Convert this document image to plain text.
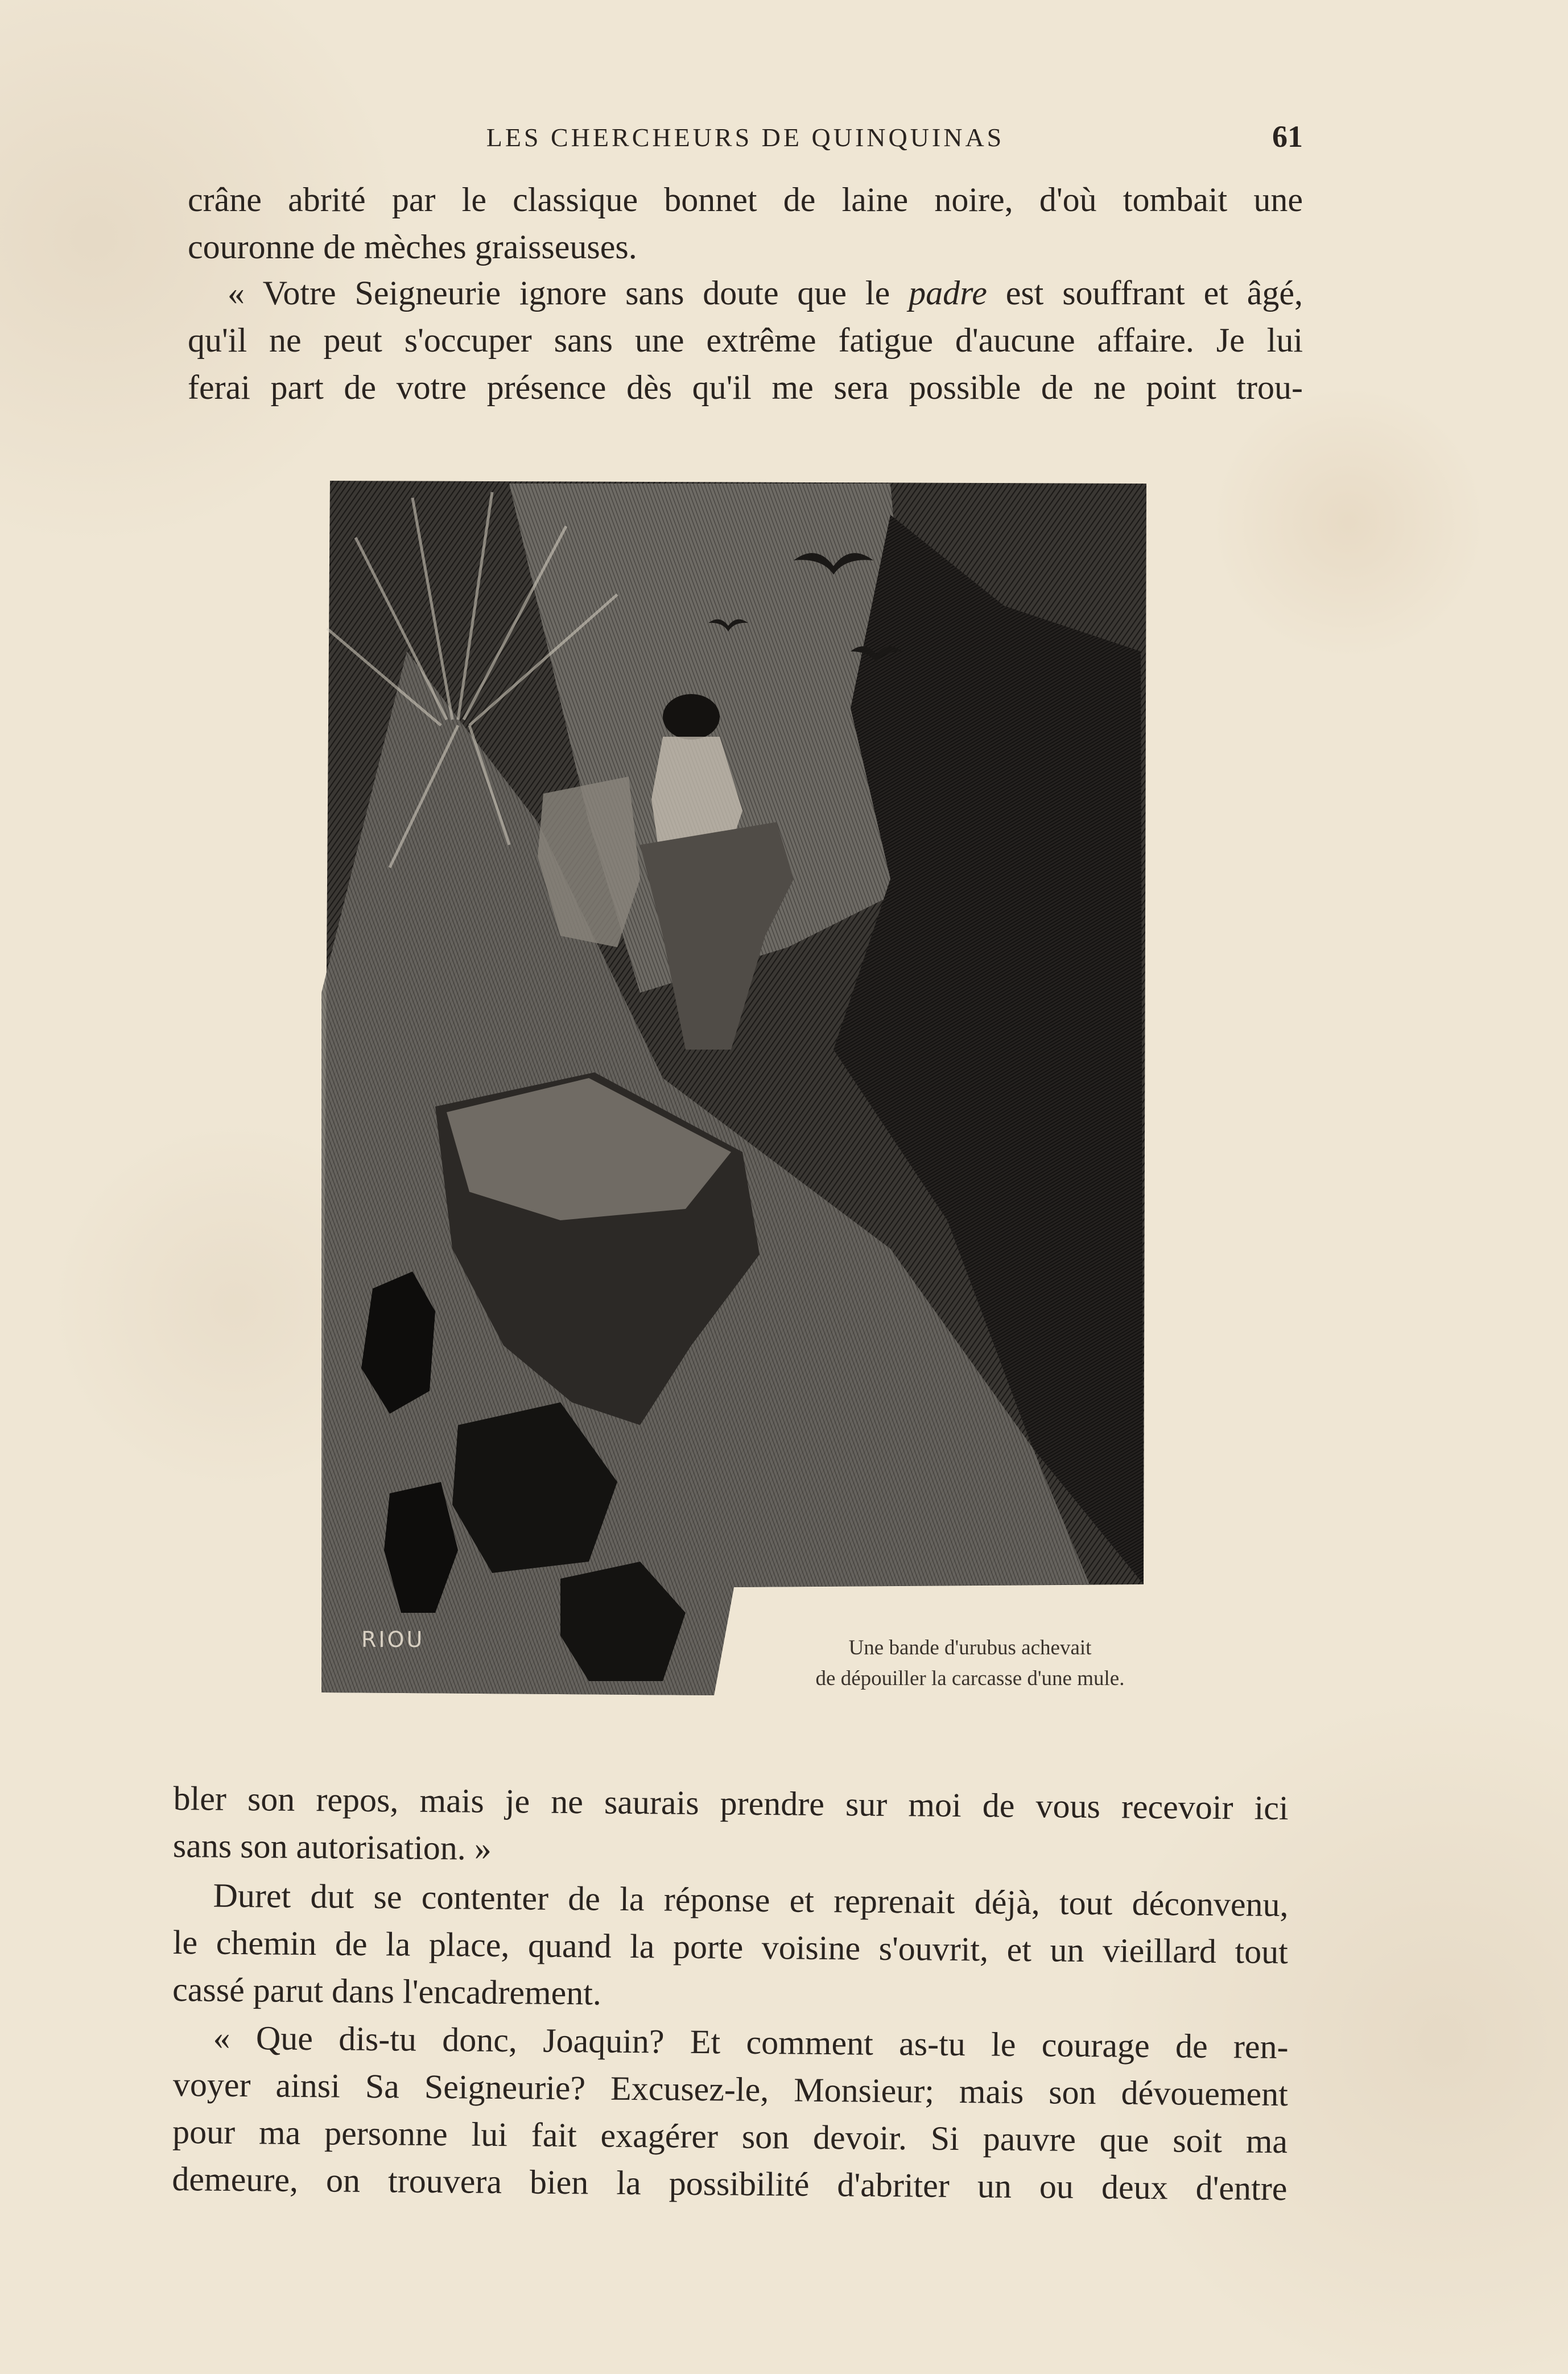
LES CHERCHEURS DE QUINQUINAS	61

crâne abrité par le classique bonnet de laine noire, d'où tombait une
couronne de mèches graisseuses.

« Votre Seigneurie ignore sans doute que le padre est souffrant et âgé,
qu'il ne peut s'occuper sans une extrême fatigue d'aucune affaire. Je lui
ferai part de votre présence dès qu'il me sera possible de ne point trou-

RIOU	Une bande d'urubus achevait
de dépouiller la carcasse d'une mule.

bler son repos, mais je ne saurais prendre sur moi de vous recevoir ici
sans son autorisation. »

Duret dut se contenter de la réponse et reprenait déjà, tout déconvenu,
le chemin de la place, quand la porte voisine s'ouvrit, et un vieillard tout
cassé parut dans l'encadrement.

« Que dis-tu donc, Joaquin? Et comment as-tu le courage de ren-
voyer ainsi Sa Seigneurie? Excusez-le, Monsieur; mais son dévouement
pour ma personne lui fait exagérer son devoir. Si pauvre que soit ma
demeure, on trouvera bien la possibilité d'abriter un ou deux d'entre
